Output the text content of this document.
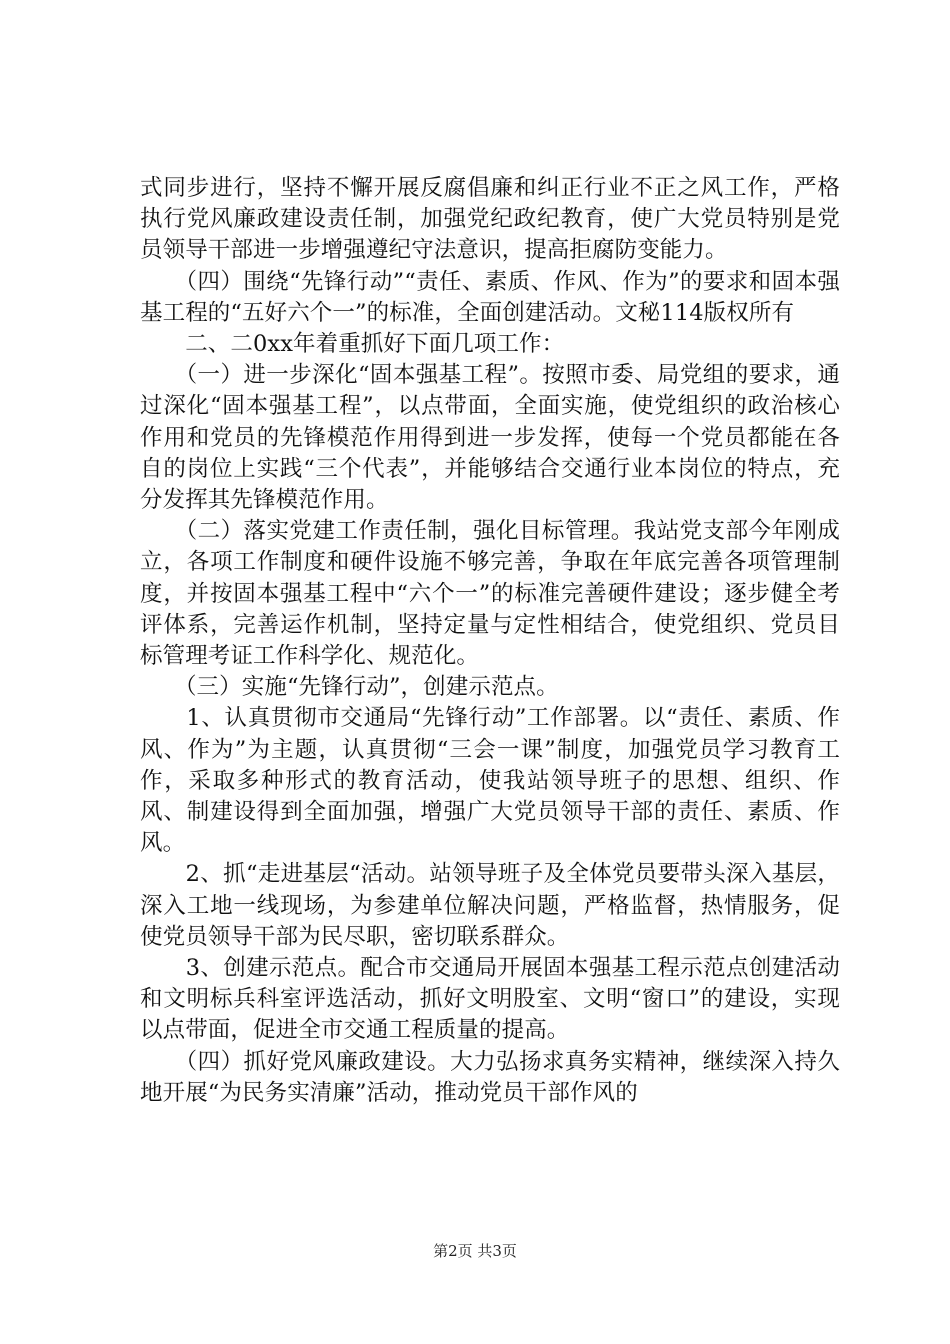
式同步进行，坚持不懈开展反腐倡廉和纠正行业不正之风工作，严格执行党风廉政建设责任制，加强党纪政纪教育，使广大党员特别是党员领导干部进一步增强遵纪守法意识，提高拒腐防变能力。

　　（四）围绕“先锋行动”“责任、素质、作风、作为”的要求和固本强基工程的“五好六个一”的标准，全面创建活动。文秘114版权所有

　　二、二0xx年着重抓好下面几项工作：

　　（一）进一步深化“固本强基工程”。按照市委、局党组的要求，通过深化“固本强基工程”，以点带面，全面实施，使党组织的政治核心作用和党员的先锋模范作用得到进一步发挥，使每一个党员都能在各自的岗位上实践“三个代表”，并能够结合交通行业本岗位的特点，充分发挥其先锋模范作用。

　　（二）落实党建工作责任制，强化目标管理。我站党支部今年刚成立，各项工作制度和硬件设施不够完善，争取在年底完善各项管理制度，并按固本强基工程中“六个一”的标准完善硬件建设；逐步健全考评体系，完善运作机制，坚持定量与定性相结合，使党组织、党员目标管理考证工作科学化、规范化。

　　（三）实施“先锋行动”，创建示范点。

　　1、认真贯彻市交通局“先锋行动”工作部署。以“责任、素质、作风、作为”为主题，认真贯彻“三会一课”制度，加强党员学习教育工作，采取多种形式的教育活动，使我站领导班子的思想、组织、作风、制建设得到全面加强，增强广大党员领导干部的责任、素质、作风。

　　2、抓“走进基层“活动。站领导班子及全体党员要带头深入基层，深入工地一线现场，为参建单位解决问题，严格监督，热情服务，促使党员领导干部为民尽职，密切联系群众。

　　3、创建示范点。配合市交通局开展固本强基工程示范点创建活动和文明标兵科室评选活动，抓好文明股室、文明“窗口”的建设，实现以点带面，促进全市交通工程质量的提高。

　　（四）抓好党风廉政建设。大力弘扬求真务实精神，继续深入持久地开展“为民务实清廉”活动，推动党员干部作风的

第2页 共3页
